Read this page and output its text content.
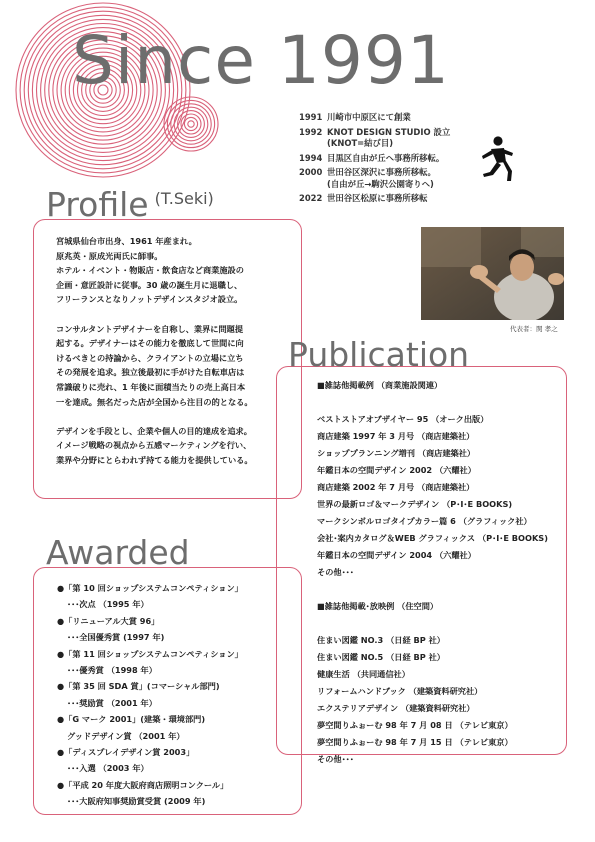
Since 1991
1991 川崎市中原区にて創業
1992 KNOT DESIGN STUDIO 設立
(KNOT=結び目)
1994 目黒区自由が丘へ事務所移転。
2000 世田谷区深沢に事務所移転。
(自由が丘→駒沢公園寄りへ)
2022 世田谷区松原に事務所移転
Profile $^{(T.Seki)}$

宮城県仙台市出身、1961 年産まれ。
原兆英・原成光両氏に師事。
ホテル・イベント・物販店・飲食店など商業施設の
企画・意匠設計に従事。30 歳の誕生月に退職し、
フリーランスとなりノットデザインスタジオ設立。

コンサルタントデザイナーを自称し、業界に問題提
起する。デザイナーはその能力を徹底して世間に向
けるべきとの持論から、クライアントの立場に立ち
その発展を追求。独立後最初に手がけた自転車店は
常識破りに売れ、1 年後に面積当たりの売上高日本
一を達成。無名だった店が全国から注目の的となる。

デザインを手段とし、企業や個人の目的達成を追求。
イメージ戦略の視点から五感マーケティングを行い、
業界や分野にとらわれず持てる能力を提供している。

代表者：関 孝之
Publication
■雑誌他掲載例 （商業施設関連）
ベストストアオブザイヤー 95 （オーク出版）
商店建築 1997 年 3 月号 （商店建築社）
ショッププランニング増刊 （商店建築社）
年鑑日本の空間デザイン 2002 （六耀社）
商店建築 2002 年 7 月号 （商店建築社）
世界の最新ロゴ＆マークデザイン （P･I･E BOOKS)
マークシンボルロゴタイプカラー篇 6 （グラフィック社）
会社･案内カタログ＆WEB グラフィックス （P･I･E BOOKS)
年鑑日本の空間デザイン 2004 （六耀社）
その他･･･
■雑誌他掲載･放映例 （住空間）
住まい図鑑 NO.3 （日経 BP 社）
住まい図鑑 NO.5 （日経 BP 社）
健康生活 （共同通信社）
リフォームハンドブック （建築資料研究社）
エクステリアデザイン （建築資料研究社）
夢空間りふぉーむ 98 年 7 月 08 日 （テレビ東京）
夢空間りふぉーむ 98 年 7 月 15 日 （テレビ東京）
その他･･･
Awarded
●「第 10 回ショップシステムコンペティション」
･･･次点 （1995 年）
●「リニューアル大賞 96」
･･･全国優秀賞 (1997 年)
●「第 11 回ショップシステムコンペティション」
･･･優秀賞 （1998 年）
●「第 35 回 SDA 賞」(コマーシャル部門)
･･･奨励賞 （2001 年）
●「G マーク 2001」(建築・環境部門)
グッドデザイン賞 （2001 年）
●「ディスプレイデザイン賞 2003」
･･･入選 （2003 年）
●「平成 20 年度大阪府商店照明コンクール」
･･･大阪府知事奨励賞受賞 (2009 年)
